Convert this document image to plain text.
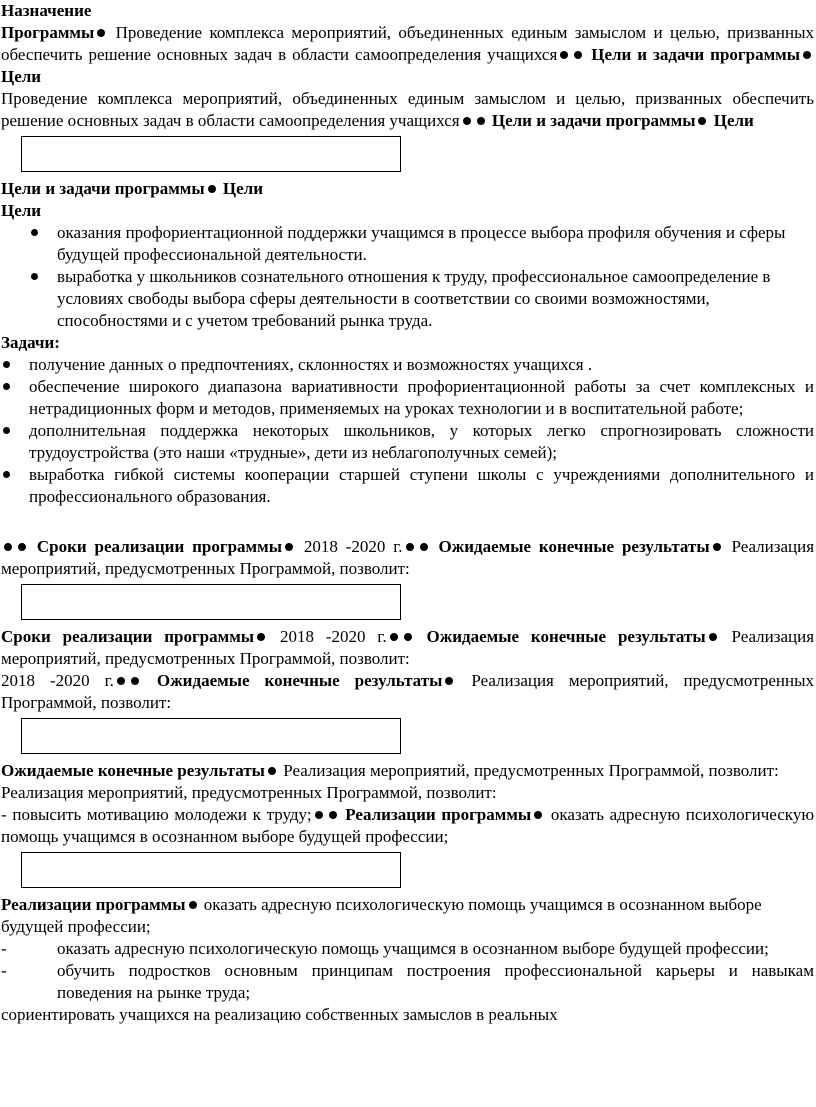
Назначение

Программы Проведение комплекса мероприятий, объединенных единым замыслом и целью, призванных обеспечить решение основных задач в области самоопределения учащихся Цели и задачи программы Цели

Проведение комплекса мероприятий, объединенных единым замыслом и целью, призванных обеспечить решение основных задач в области самоопределения учащихся Цели и задачи программы Цели

Цели и задачи программы Цели

Цели

оказания профориентационной поддержки учащимся в процессе выбора профиля обучения и сферы будущей профессиональной деятельности.
выработка у школьников сознательного отношения к труду, профессиональное самоопределение в условиях свободы выбора сферы деятельности в соответствии со своими возможностями, способностями и с учетом требований рынка труда.

Задачи:

получение данных о предпочтениях, склонностях и возможностях учащихся .
обеспечение широкого диапазона вариативности профориентационной работы за счет комплексных и нетрадиционных форм и методов, применяемых на уроках технологии и в воспитательной работе;
дополнительная поддержка некоторых школьников, у которых легко спрогнозировать сложности трудоустройства (это наши «трудные», дети из неблагополучных семей);
выработка гибкой системы кооперации старшей ступени школы с учреждениями дополнительного и профессионального образования.

Сроки реализации программы 2018 -2020 г. Ожидаемые конечные результаты Реализация мероприятий, предусмотренных Программой, позволит:

Сроки реализации программы 2018 -2020 г. Ожидаемые конечные результаты Реализация мероприятий, предусмотренных Программой, позволит:

2018 -2020 г.	Ожидаемые конечные результаты Реализация мероприятий, предусмотренных Программой, позволит:

Ожидаемые конечные результаты Реализация мероприятий, предусмотренных Программой, позволит:

Реализация мероприятий, предусмотренных Программой, позволит:

- повысить мотивацию молодежи к труду; Реализации программы оказать адресную психологическую помощь учащимся в осознанном выборе будущей профессии;

Реализации программы оказать адресную психологическую помощь учащимся в осознанном выборе будущей профессии;

-	оказать адресную психологическую помощь учащимся в осознанном выборе будущей профессии;

-	обучить подростков основным принципам построения профессиональной карьеры и навыкам поведения на рынке труда;

сориентировать учащихся на реализацию собственных замыслов в реальных
